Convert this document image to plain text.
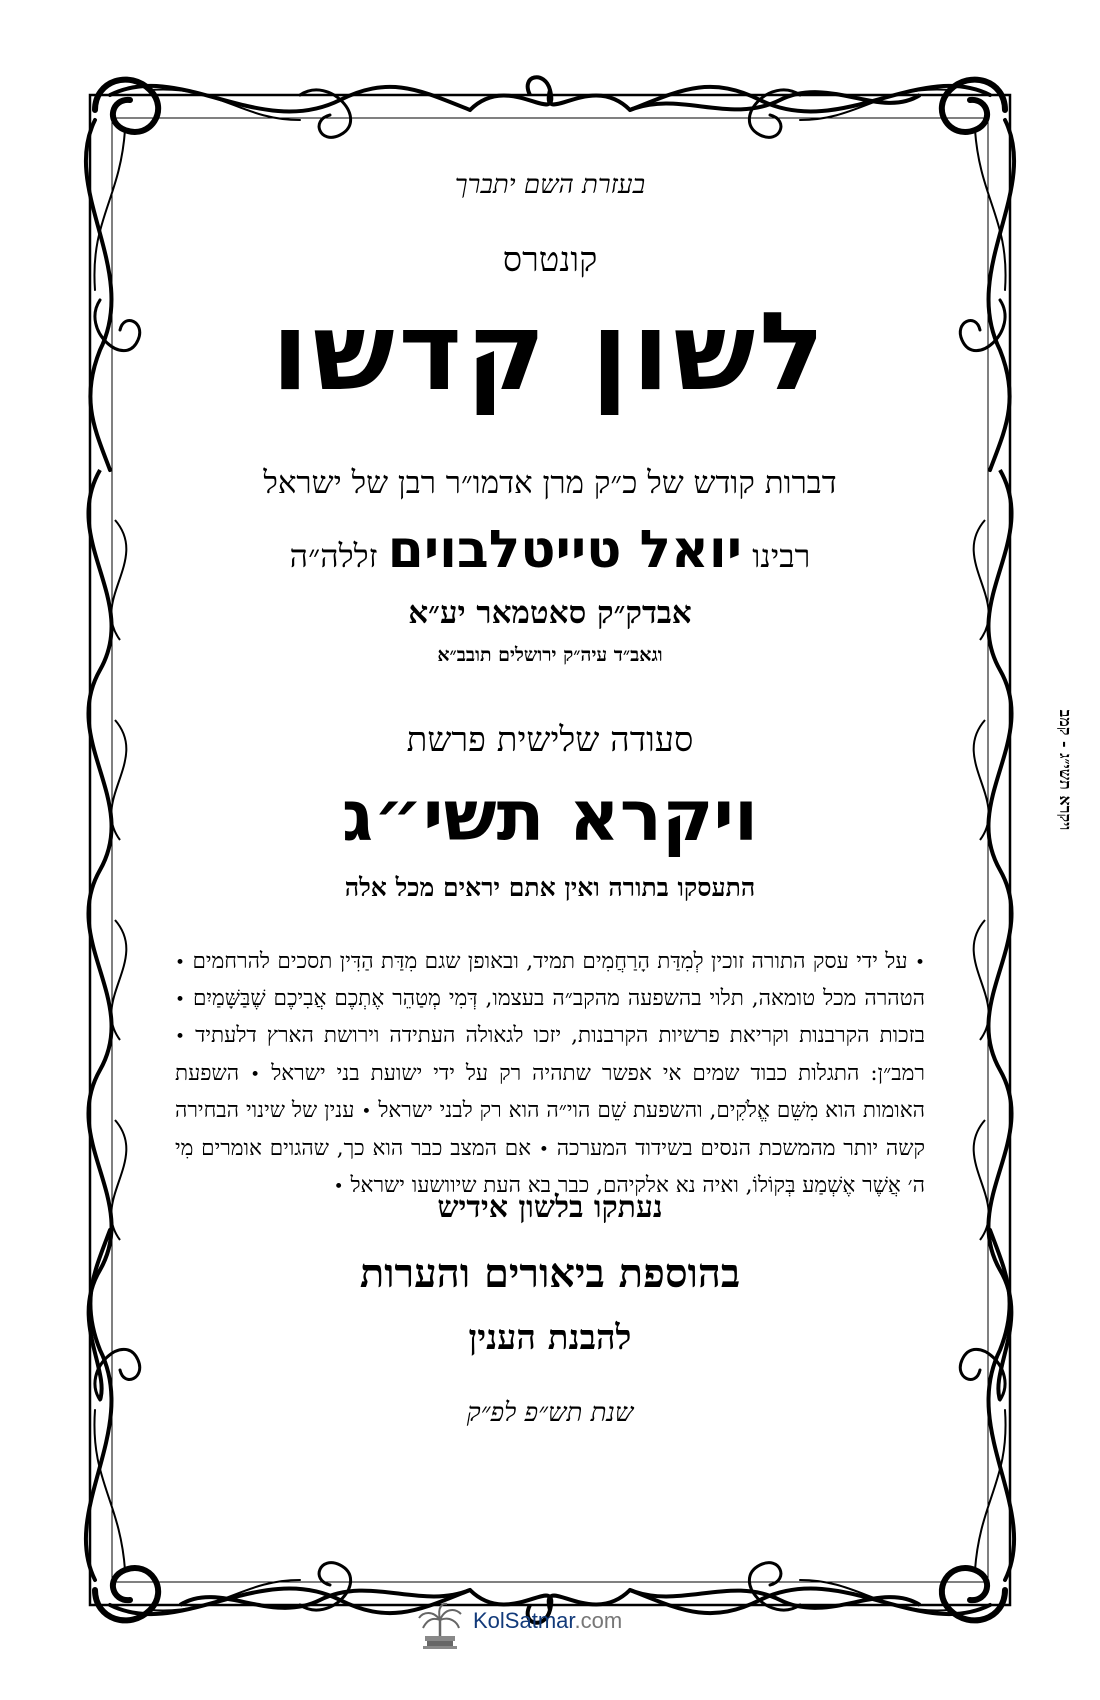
בעזרת השם יתברך

קונטרס

לשון קדשו

דברות קודש של כ״ק מרן אדמו״ר רבן של ישראל

רבינו יואל טייטלבוים זללה״ה

אבדק״ק סאטמאר יע״א

וגאב״ד עיה״ק ירושלים תובב״א

סעודה שלישית פרשת

ויקרא תשי״ג

התעסקו בתורה ואין אתם יראים מכל אלה

• על ידי עסק התורה זוכין לְמִדַּת הָרַחֲמִים תמיד, ובאופן שגם מִדַּת הַדִּין תסכים להרחמים • הטהרה מכל טומאה, תלוי בהשפעה מהקב״ה בעצמו, דְּמִי מְטַהֵר אֶתְכֶם אֲבִיכֶם שֶׁבַּשָּׁמַיִם • בזכות הקרבנות וקריאת פרשיות הקרבנות, יזכו לגאולה העתידה וירושת הארץ דלעתיד • רמב״ן: התגלות כבוד שמים אי אפשר שתהיה רק על ידי ישועת בני ישראל • השפעת האומות הוא מִשֵּׁם אֱלֹקִים, והשפעת שֵׁם הוי״ה הוא רק לבני ישראל • ענין של שינוי הבחירה קשה יותר מהמשכת הנסים בשידוד המערכה • אם המצב כבר הוא כך, שהגוים אומרים מִי ה׳ אֲשֶׁר אֶשְׁמַע בְּקוֹלוֹ, ואיה נא אלקיהם, כבר בא העת שיוושעו ישראל •

נעתקו בלשון אידיש

בהוספת ביאורים והערות

להבנת הענין

שנת תש״פ לפ״ק

ויקרא תשי״ג - קמב
KolSatmar.com
